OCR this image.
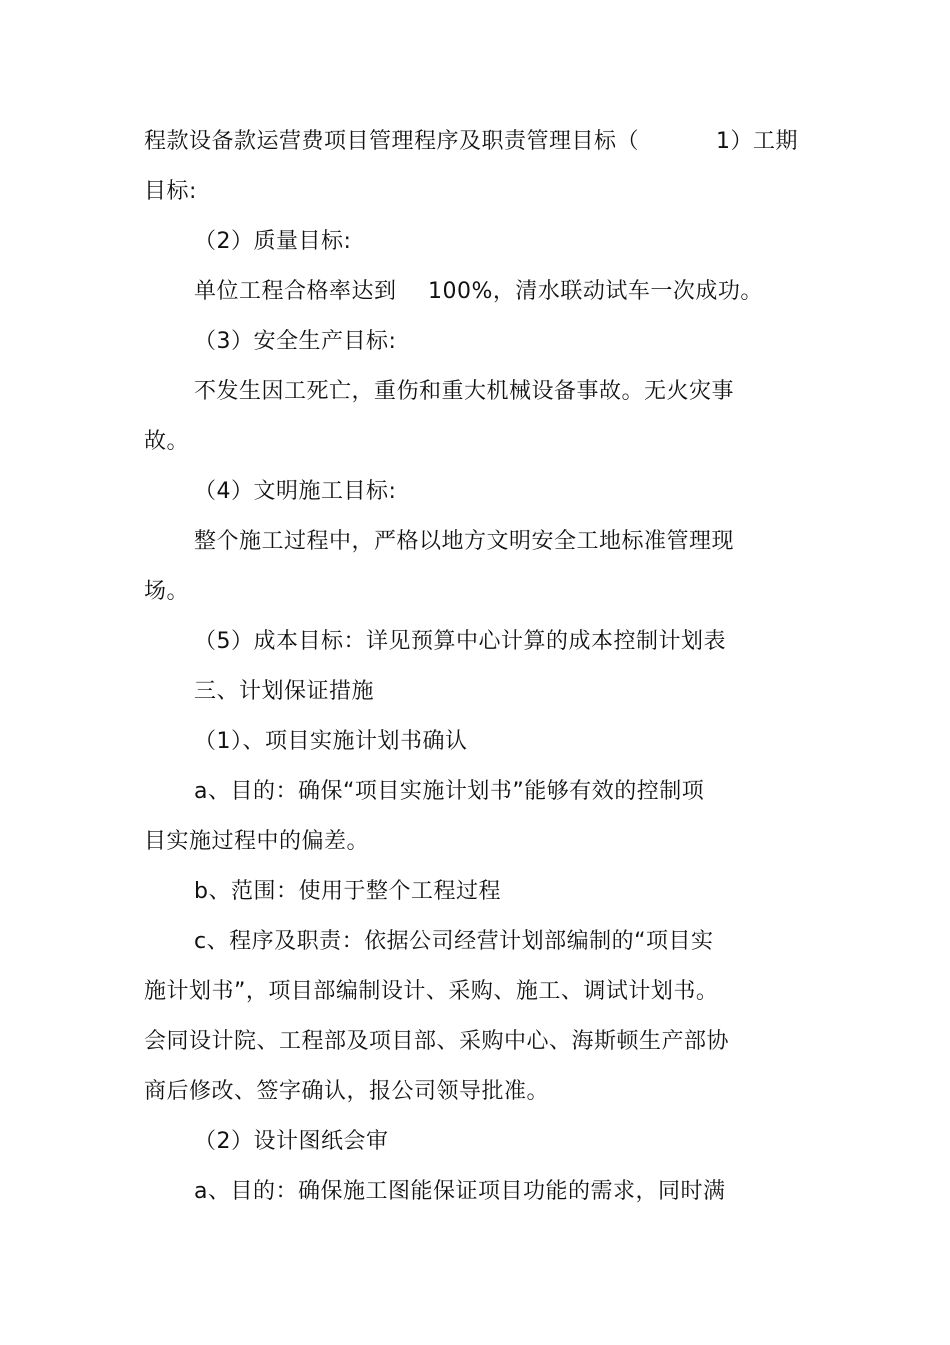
程款设备款运营费项目管理程序及职责管理目标（	1）工期
目标:
（2）质量目标:
单位工程合格率达到 100%，清水联动试车一次成功。
（3）安全生产目标:
不发生因工死亡，重伤和重大机械设备事故。无火灾事
故。
（4）文明施工目标:
整个施工过程中，严格以地方文明安全工地标准管理现
场。
（5）成本目标：详见预算中心计算的成本控制计划表
三、计划保证措施
（1）、项目实施计划书确认
a、目的：确保“项目实施计划书”能够有效的控制项
目实施过程中的偏差。
b、范围：使用于整个工程过程
c、程序及职责：依据公司经营计划部编制的“项目实
施计划书”，项目部编制设计、采购、施工、调试计划书。
会同设计院、工程部及项目部、采购中心、海斯顿生产部协
商后修改、签字确认，报公司领导批准。
（2）设计图纸会审
a、目的：确保施工图能保证项目功能的需求，同时满
